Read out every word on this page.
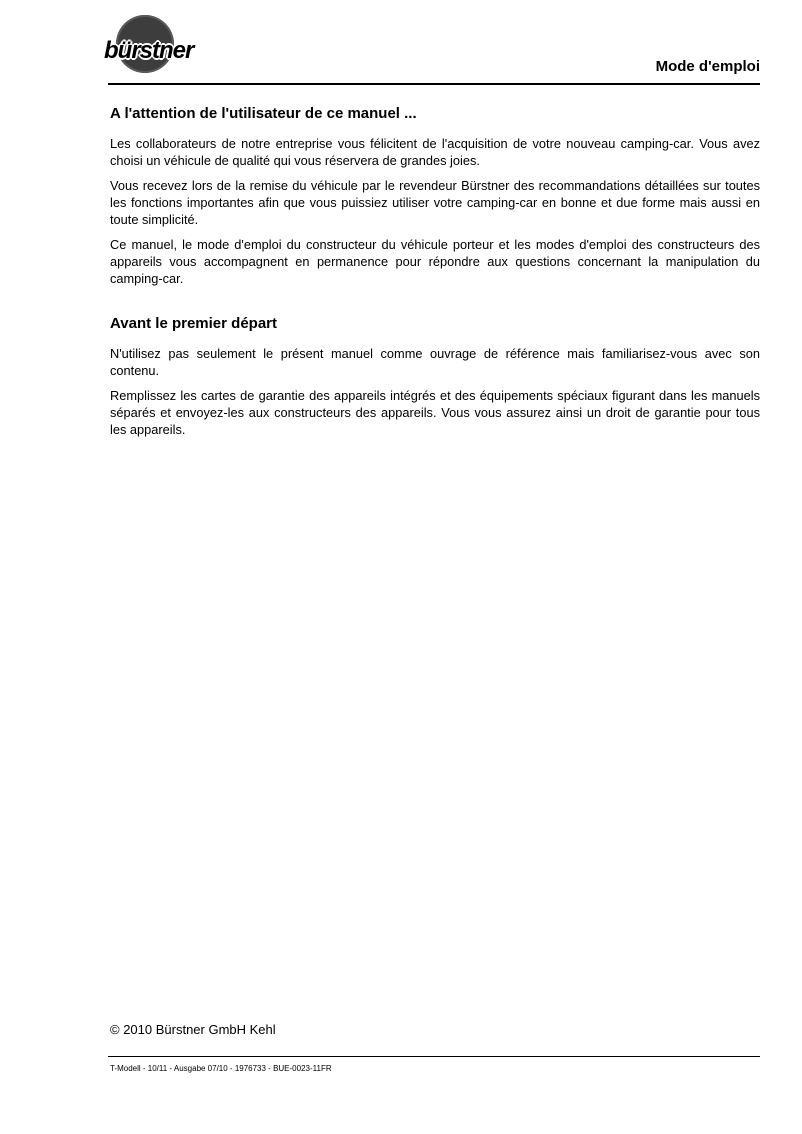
bürstner
Mode d'emploi
A l'attention de l'utilisateur de ce manuel ...

Les collaborateurs de notre entreprise vous félicitent de l'acquisition de votre nouveau camping-car. Vous avez choisi un véhicule de qualité qui vous réservera de grandes joies.

Vous recevez lors de la remise du véhicule par le revendeur Bürstner des recommandations détaillées sur toutes les fonctions importantes afin que vous puissiez utiliser votre camping-car en bonne et due forme mais aussi en toute simplicité.

Ce manuel, le mode d'emploi du constructeur du véhicule porteur et les modes d'emploi des constructeurs des appareils vous accompagnent en permanence pour répondre aux questions concernant la manipulation du camping-car.

Avant le premier départ

N'utilisez pas seulement le présent manuel comme ouvrage de référence mais familiarisez-vous avec son contenu.

Remplissez les cartes de garantie des appareils intégrés et des équipements spéciaux figurant dans les manuels séparés et envoyez-les aux constructeurs des appareils. Vous vous assurez ainsi un droit de garantie pour tous les appareils.

© 2010 Bürstner GmbH Kehl
T-Modell - 10/11 - Ausgabe 07/10 - 1976733 - BUE-0023-11FR
